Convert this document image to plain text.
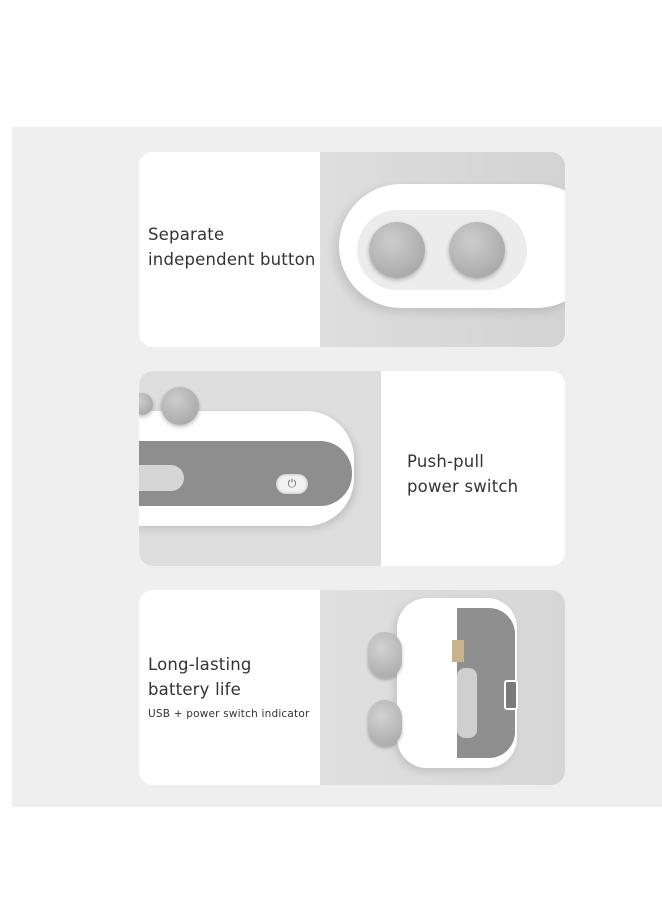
Separate
independent button
⏻
Push-pull
power switch
Long-lasting
battery life
USB + power switch indicator
